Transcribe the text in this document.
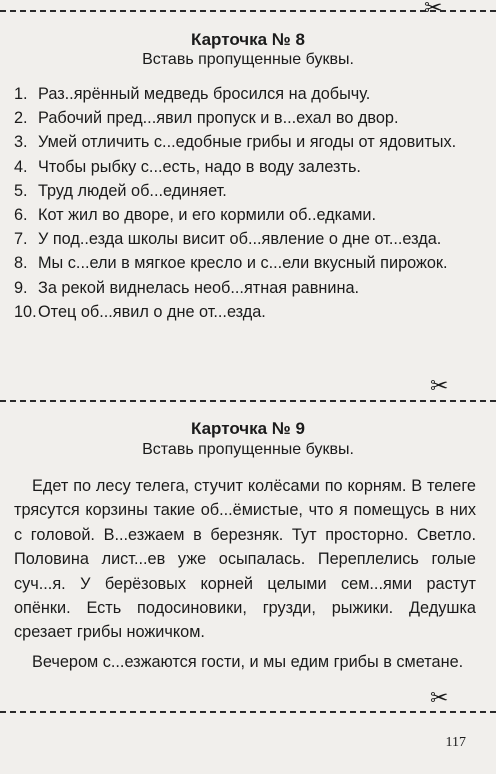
✂
Карточка № 8
Вставь пропущенные буквы.
1. Раз..ярённый медведь бросился на добычу.
2. Рабочий пред...явил пропуск и в...ехал во двор.
3. Умей отличить с...едобные грибы и ягоды от ядовитых.
4. Чтобы рыбку с...есть, надо в воду залезть.
5. Труд людей об...единяет.
6. Кот жил во дворе, и его кормили об..едками.
7. У под..езда школы висит об...явление о дне от...езда.
8. Мы с...ели в мягкое кресло и с...ели вкусный пирожок.
9. За рекой виднелась необ...ятная равнина.
10. Отец об...явил о дне от...езда.
✂
Карточка № 9
Вставь пропущенные буквы.

Едет по лесу телега, стучит колёсами по корням. В телеге трясутся корзины такие об...ёмистые, что я помещусь в них с головой. В...езжаем в березняк. Тут просторно. Светло. Половина лист...ев уже осыпалась. Переплелись голые суч...я. У берёзовых корней целыми сем...ями растут опёнки. Есть подосиновики, грузди, рыжики. Дедушка срезает грибы ножичком.

Вечером с...езжаются гости, и мы едим грибы в сметане.

✂
117
